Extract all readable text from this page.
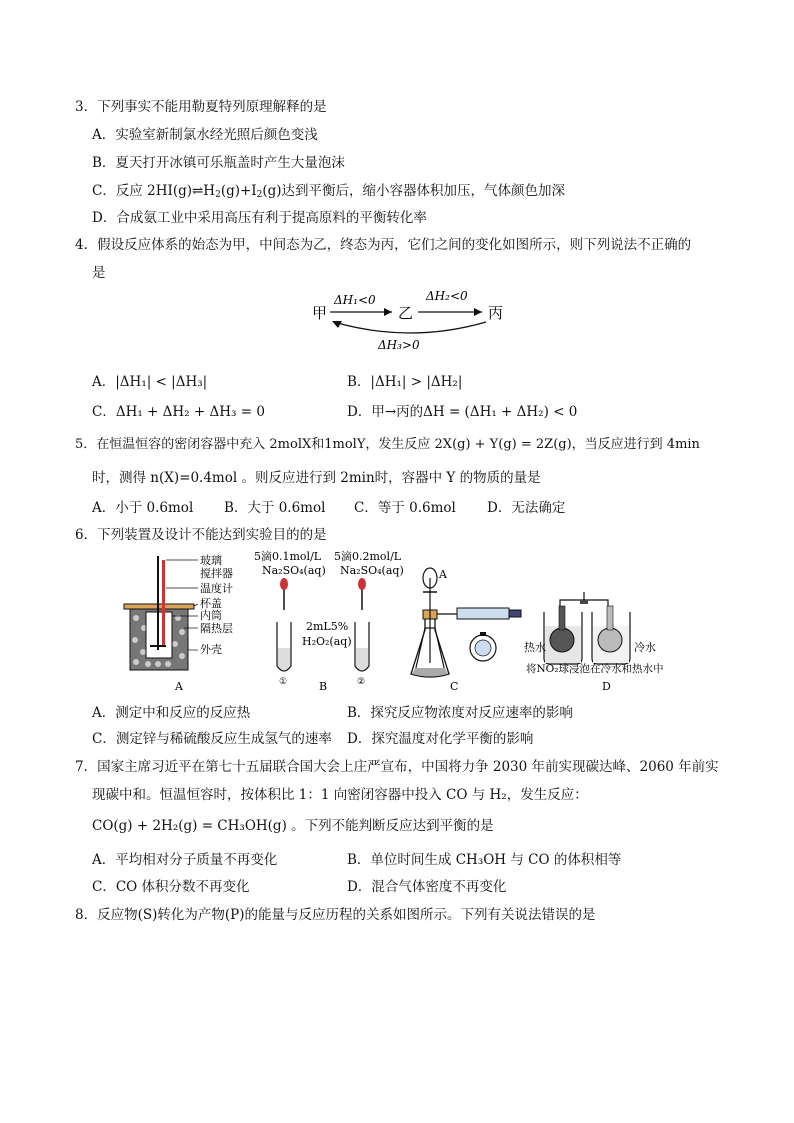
3．下列事实不能用勒夏特列原理解释的是
A．实验室新制氯水经光照后颜色变浅
B．夏天打开冰镇可乐瓶盖时产生大量泡沫
C．反应 $2HI(g)\rightleftharpoons H_2(g)+I_2(g)$达到平衡后，缩小容器体积加压，气体颜色加深
D．合成氨工业中采用高压有利于提高原料的平衡转化率
4．假设反应体系的始态为甲，中间态为乙，终态为丙，它们之间的变化如图所示，则下列说法不正确的
是
甲	乙	丙
ΔH₁<0	ΔH₂<0
ΔH₃>0
A．|ΔH₁| < |ΔH₃|	B．|ΔH₁| > |ΔH₂|
C．ΔH₁ + ΔH₂ + ΔH₃ = 0	D．甲→丙的ΔH = (ΔH₁ + ΔH₂) < 0
5．在恒温恒容的密闭容器中充入 2molX和1molY，发生反应 2X(g) + Y(g) = 2Z(g)，当反应进行到 4min
时，测得 n(X)=0.4mol 。则反应进行到 2min时，容器中 Y 的物质的量是
A．小于 0.6mol B．大于 0.6mol C．等于 0.6mol D．无法确定
6．下列装置及设计不能达到实验目的的是
玻璃
搅拌器
温度计
杯盖
内筒
隔热层
外壳
A
5滴0.1mol/L
Na₂SO₄(aq)
5滴0.2mol/L
Na₂SO₄(aq)
2mL5%
H₂O₂(aq)
①	②
B
A
C
热水	冷水
将NO₂球浸泡在冷水和热水中
D
A．测定中和反应的反应热	B．探究反应物浓度对反应速率的影响
C．测定锌与稀硫酸反应生成氢气的速率 D．探究温度对化学平衡的影响
7．国家主席习近平在第七十五届联合国大会上庄严宣布，中国将力争 2030 年前实现碳达峰、2060 年前实
现碳中和。恒温恒容时，按体积比 1：1 向密闭容器中投入 CO 与 H₂，发生反应：
CO(g) + 2H₂(g) = CH₃OH(g) 。下列不能判断反应达到平衡的是
A．平均相对分子质量不再变化	B．单位时间生成 CH₃OH 与 CO 的体积相等
C．CO 体积分数不再变化	D．混合气体密度不再变化
8．反应物(S)转化为产物(P)的能量与反应历程的关系如图所示。下列有关说法错误的是
